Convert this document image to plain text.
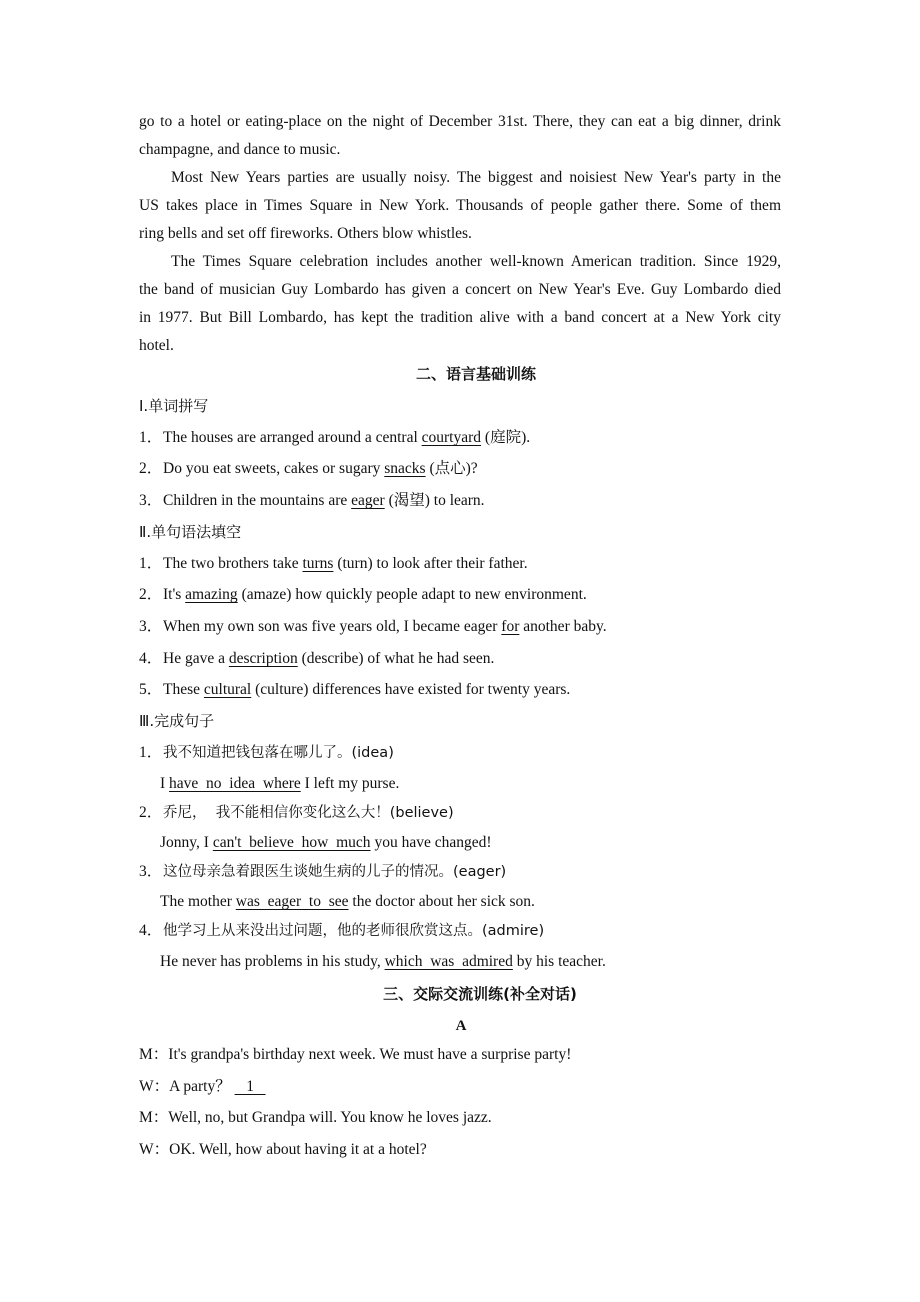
go to a hotel or eating-place on the night of December 31st. There, they can eat a big dinner, drink
champagne, and dance to music.
Most New Years parties are usually noisy. The biggest and noisiest New Year's party in the
US takes place in Times Square in New York. Thousands of people gather there. Some of them
ring bells and set off fireworks. Others blow whistles.
The Times Square celebration includes another well-known American tradition. Since 1929,
the band of musician Guy Lombardo has given a concert on New Year's Eve. Guy Lombardo died
in 1977. But Bill Lombardo, has kept the tradition alive with a band concert at a New York city
hotel.
二、语言基础训练
Ⅰ.单词拼写
1．The houses are arranged around a central courtyard (庭院).
2．Do you eat sweets, cakes or sugary snacks (点心)?
3．Children in the mountains are eager (渴望) to learn.
Ⅱ.单句语法填空
1．The two brothers take turns (turn) to look after their father.
2．It's amazing (amaze) how quickly people adapt to new environment.
3．When my own son was five years old, I became eager for another baby.
4．He gave a description (describe) of what he had seen.
5．These cultural (culture) differences have existed for twenty years.
Ⅲ.完成句子
1．我不知道把钱包落在哪儿了。(idea)
I have  no  idea  where I left my purse.
2．乔尼，  我不能相信你变化这么大！(believe)
Jonny, I can't  believe  how  much you have changed!
3．这位母亲急着跟医生谈她生病的儿子的情况。(eager)
The mother was  eager  to  see the doctor about her sick son.
4．他学习上从来没出过问题，他的老师很欣赏这点。(admire)
He never has problems in his study, which  was  admired by his teacher.
三、交际交流训练(补全对话)
A
M：It's grandpa's birthday next week. We must have a surprise party!
W：A party？    1
M：Well, no, but Grandpa will. You know he loves jazz.
W：OK. Well, how about having it at a hotel?
